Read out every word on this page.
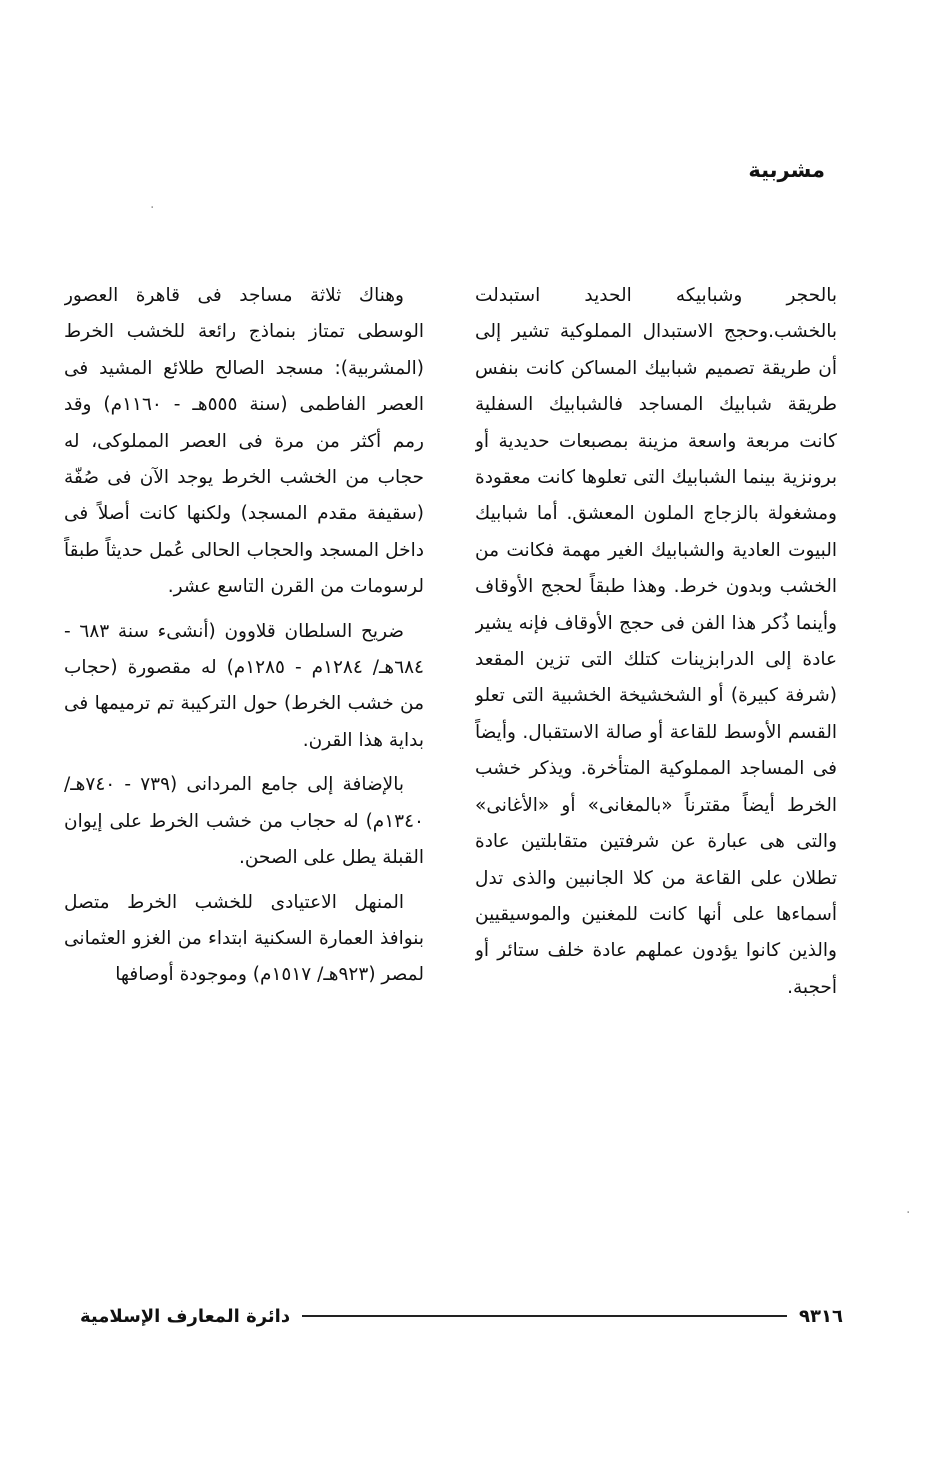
مشربية

بالحجر وشبابيكه الحديد استبدلت بالخشب.وحجج الاستبدال المملوكية تشير إلى أن طريقة تصميم شبابيك المساكن كانت بنفس طريقة شبابيك المساجد فالشبابيك السفلية كانت مربعة واسعة مزينة بمصبعات حديدية أو برونزية بينما الشبابيك التى تعلوها كانت معقودة ومشغولة بالزجاج الملون المعشق. أما شبابيك البيوت العادية والشبابيك الغير مهمة فكانت من الخشب وبدون خرط. وهذا طبقاً لحجج الأوقاف وأينما ذُكر هذا الفن فى حجج الأوقاف فإنه يشير عادة إلى الدرابزينات كتلك التى تزين المقعد (شرفة كبيرة) أو الشخشيخة الخشبية التى تعلو القسم الأوسط للقاعة أو صالة الاستقبال. وأيضاً فى المساجد المملوكية المتأخرة. ويذكر خشب الخرط أيضاً مقترناً «بالمغانى» أو «الأغانى» والتى هى عبارة عن شرفتين متقابلتين عادة تطلان على القاعة من كلا الجانبين والذى تدل أسماءها على أنها كانت للمغنين والموسيقيين والذين كانوا يؤدون عملهم عادة خلف ستائر أو أحجبة.

وهناك ثلاثة مساجد فى قاهرة العصور الوسطى تمتاز بنماذج رائعة للخشب الخرط (المشربية): مسجد الصالح طلائع المشيد فى العصر الفاطمى (سنة ٥٥٥هـ - ١١٦٠م) وقد رمم أكثر من مرة فى العصر المملوكى، له حجاب من الخشب الخرط يوجد الآن فى صُفّة (سقيفة مقدم المسجد) ولكنها كانت أصلاً فى داخل المسجد والحجاب الحالى عُمل حديثاً طبقاً لرسومات من القرن التاسع عشر.

ضريح السلطان قلاوون (أنشىء سنة ٦٨٣ - ٦٨٤هـ/ ١٢٨٤م - ١٢٨٥م) له مقصورة (حجاب من خشب الخرط) حول التركيبة تم ترميمها فى بداية هذا القرن.

بالإضافة إلى جامع المردانى (٧٣٩ - ٧٤٠هـ/ ١٣٤٠م) له حجاب من خشب الخرط على إيوان القبلة يطل على الصحن.

المنهل الاعتيادى للخشب الخرط متصل بنوافذ العمارة السكنية ابتداء من الغزو العثمانى لمصر (٩٢٣هـ/ ١٥١٧م) وموجودة أوصافها

٩٣١٦
دائرة المعارف الإسلامية
·
·
